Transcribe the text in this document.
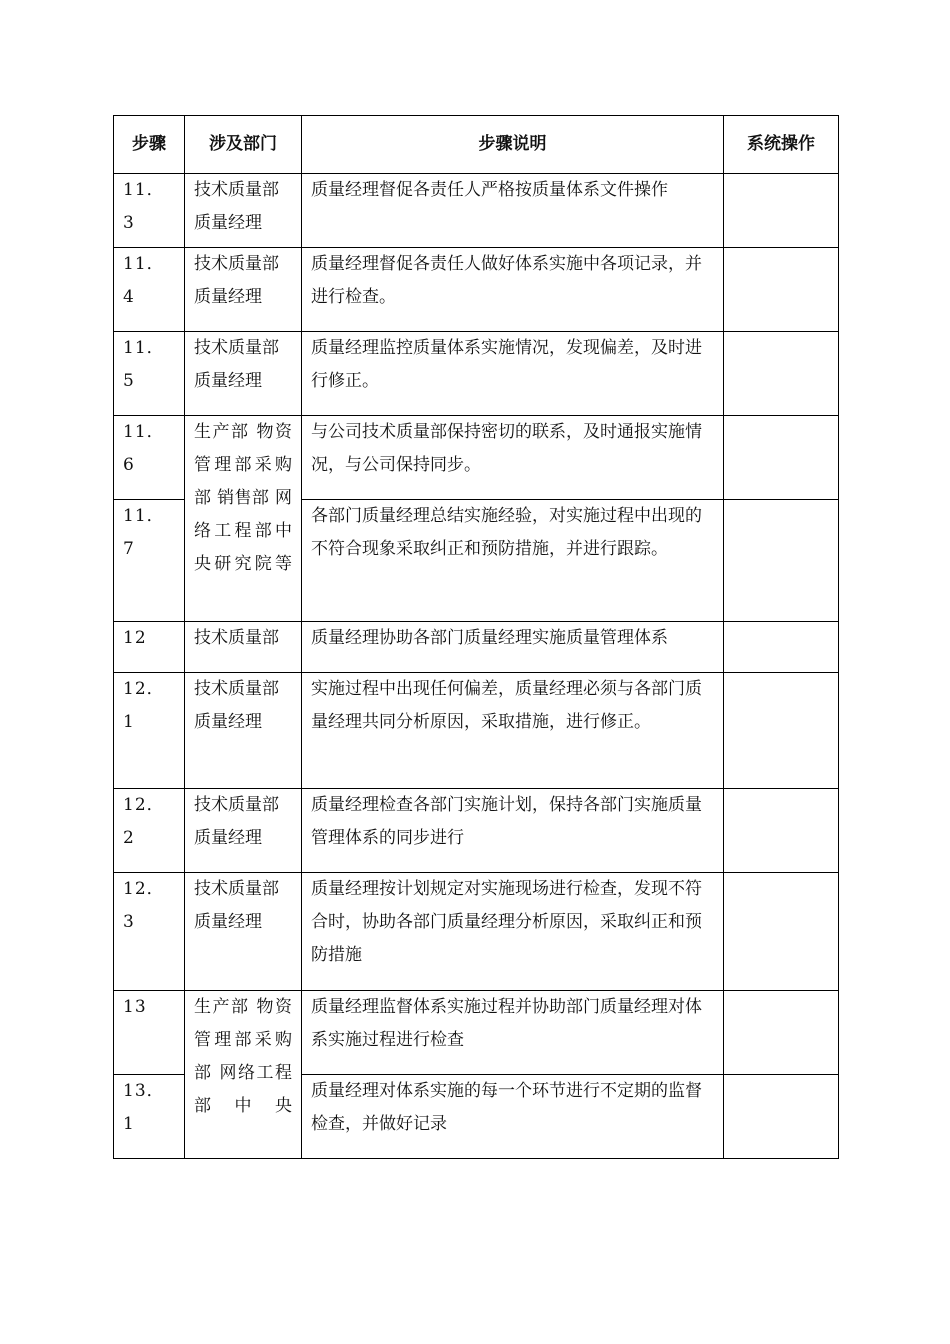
步骤	涉及部门	步骤说明	系统操作
11．3	技术质量部质量经理	质量经理督促各责任人严格按质量体系文件操作	
11．4	技术质量部质量经理	质量经理督促各责任人做好体系实施中各项记录，并进行检查。	
11．5	技术质量部质量经理	质量经理监控质量体系实施情况，发现偏差，及时进行修正。	
11．6	生产部 物资管理部采购部 销售部 网络工程部中央研究院等	与公司技术质量部保持密切的联系，及时通报实施情况，与公司保持同步。	
11．7		各部门质量经理总结实施经验，对实施过程中出现的不符合现象采取纠正和预防措施，并进行跟踪。	
12	技术质量部	质量经理协助各部门质量经理实施质量管理体系	
12．1	技术质量部质量经理	实施过程中出现任何偏差，质量经理必须与各部门质量经理共同分析原因，采取措施，进行修正。	
12．2	技术质量部质量经理	质量经理检查各部门实施计划，保持各部门实施质量管理体系的同步进行	
12．3	技术质量部质量经理	质量经理按计划规定对实施现场进行检查，发现不符合时，协助各部门质量经理分析原因，采取纠正和预防措施	
13	生产部 物资管理部采购部 网络工程部中央	质量经理监督体系实施过程并协助部门质量经理对体系实施过程进行检查	
13．1		质量经理对体系实施的每一个环节进行不定期的监督检查，并做好记录	
